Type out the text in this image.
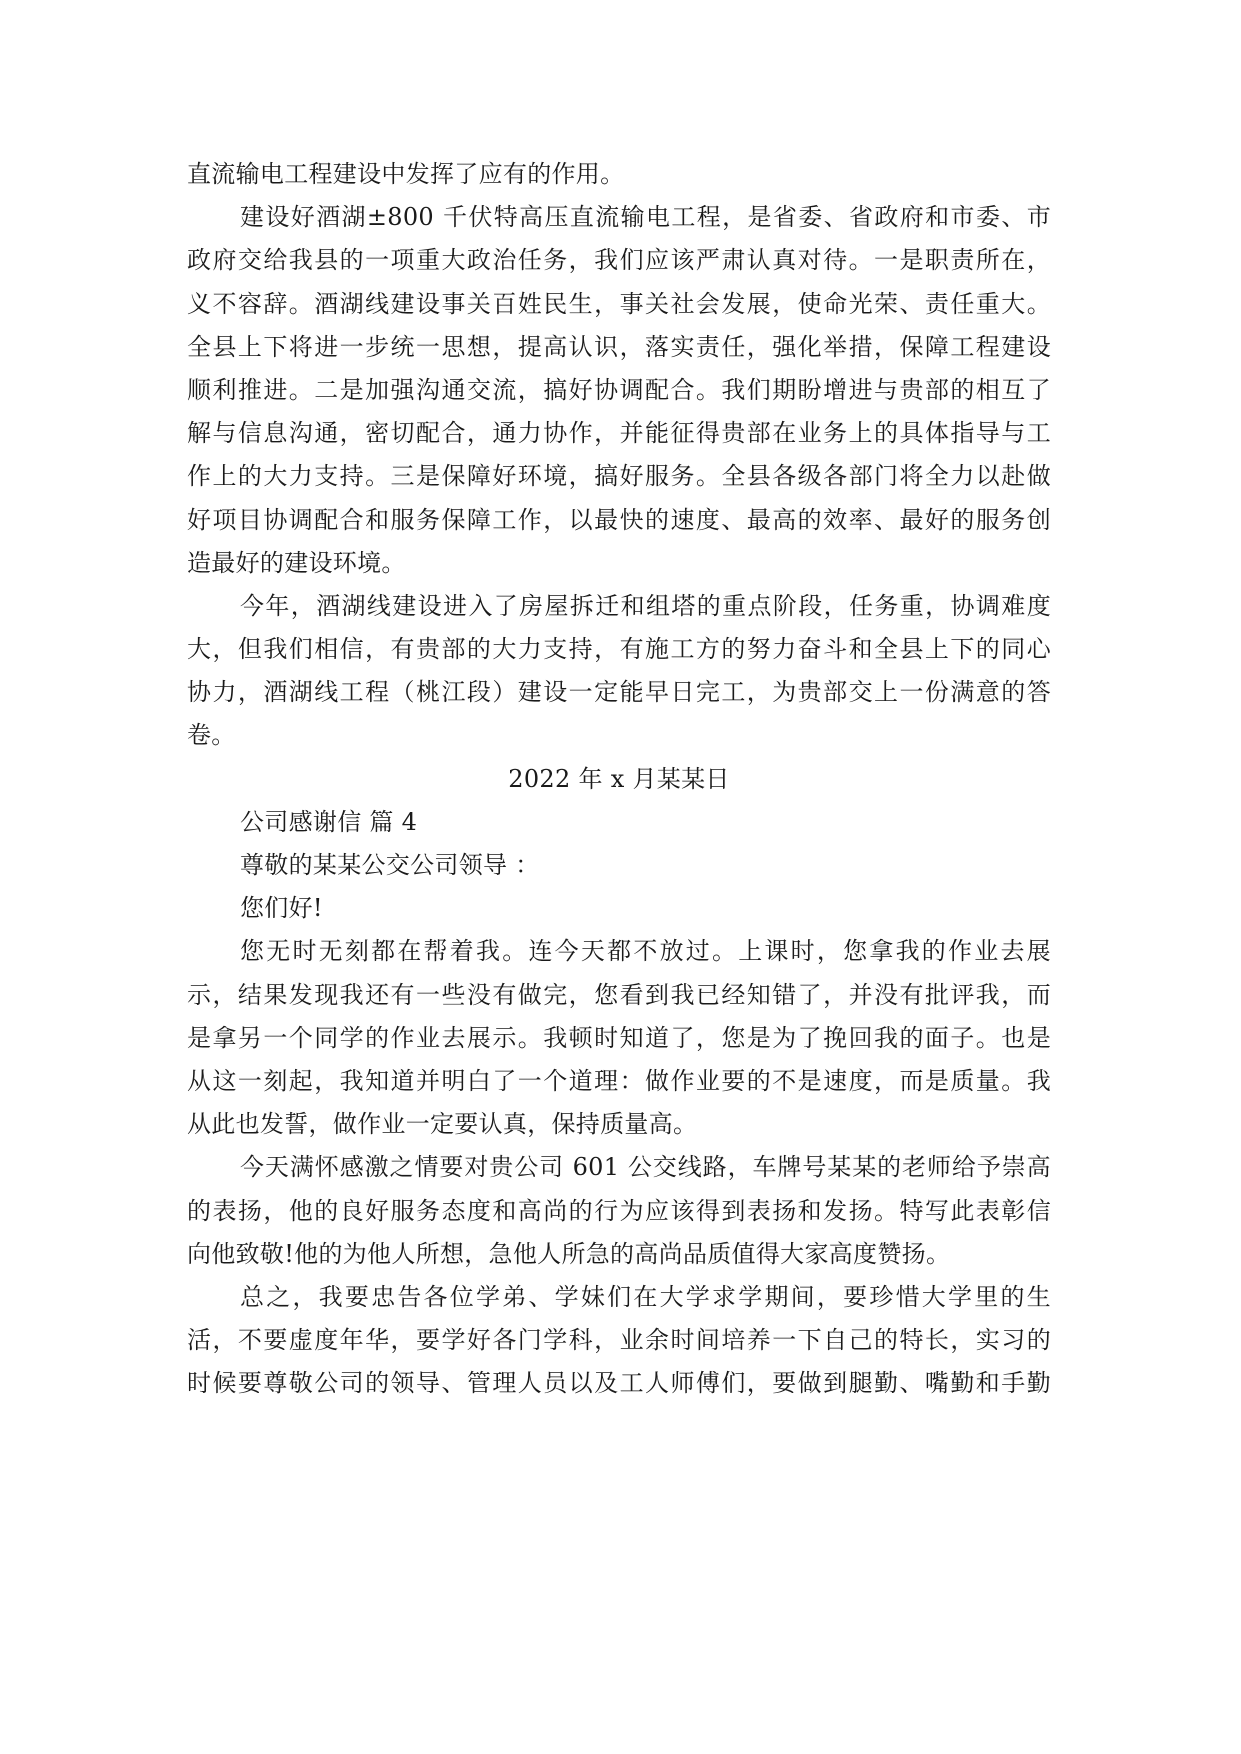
直流输电工程建设中发挥了应有的作用。
建设好酒湖±800 千伏特高压直流输电工程，是省委、省政府和市委、市
政府交给我县的一项重大政治任务，我们应该严肃认真对待。一是职责所在，
义不容辞。酒湖线建设事关百姓民生，事关社会发展，使命光荣、责任重大。
全县上下将进一步统一思想，提高认识，落实责任，强化举措，保障工程建设
顺利推进。二是加强沟通交流，搞好协调配合。我们期盼增进与贵部的相互了
解与信息沟通，密切配合，通力协作，并能征得贵部在业务上的具体指导与工
作上的大力支持。三是保障好环境，搞好服务。全县各级各部门将全力以赴做
好项目协调配合和服务保障工作，以最快的速度、最高的效率、最好的服务创
造最好的建设环境。
今年，酒湖线建设进入了房屋拆迁和组塔的重点阶段，任务重，协调难度
大，但我们相信，有贵部的大力支持，有施工方的努力奋斗和全县上下的同心
协力，酒湖线工程（桃江段）建设一定能早日完工，为贵部交上一份满意的答
卷。
2022 年 x 月某某日
公司感谢信 篇 4
尊敬的某某公交公司领导 ：
您们好!
您无时无刻都在帮着我。连今天都不放过。上课时，您拿我的作业去展
示，结果发现我还有一些没有做完，您看到我已经知错了，并没有批评我，而
是拿另一个同学的作业去展示。我顿时知道了，您是为了挽回我的面子。也是
从这一刻起，我知道并明白了一个道理：做作业要的不是速度，而是质量。我
从此也发誓，做作业一定要认真，保持质量高。
今天满怀感激之情要对贵公司 601 公交线路，车牌号某某的老师给予崇高
的表扬，他的良好服务态度和高尚的行为应该得到表扬和发扬。特写此表彰信
向他致敬!他的为他人所想，急他人所急的高尚品质值得大家高度赞扬。
总之，我要忠告各位学弟、学妹们在大学求学期间，要珍惜大学里的生
活，不要虚度年华，要学好各门学科，业余时间培养一下自己的特长，实习的
时候要尊敬公司的领导、管理人员以及工人师傅们，要做到腿勤、嘴勤和手勤
